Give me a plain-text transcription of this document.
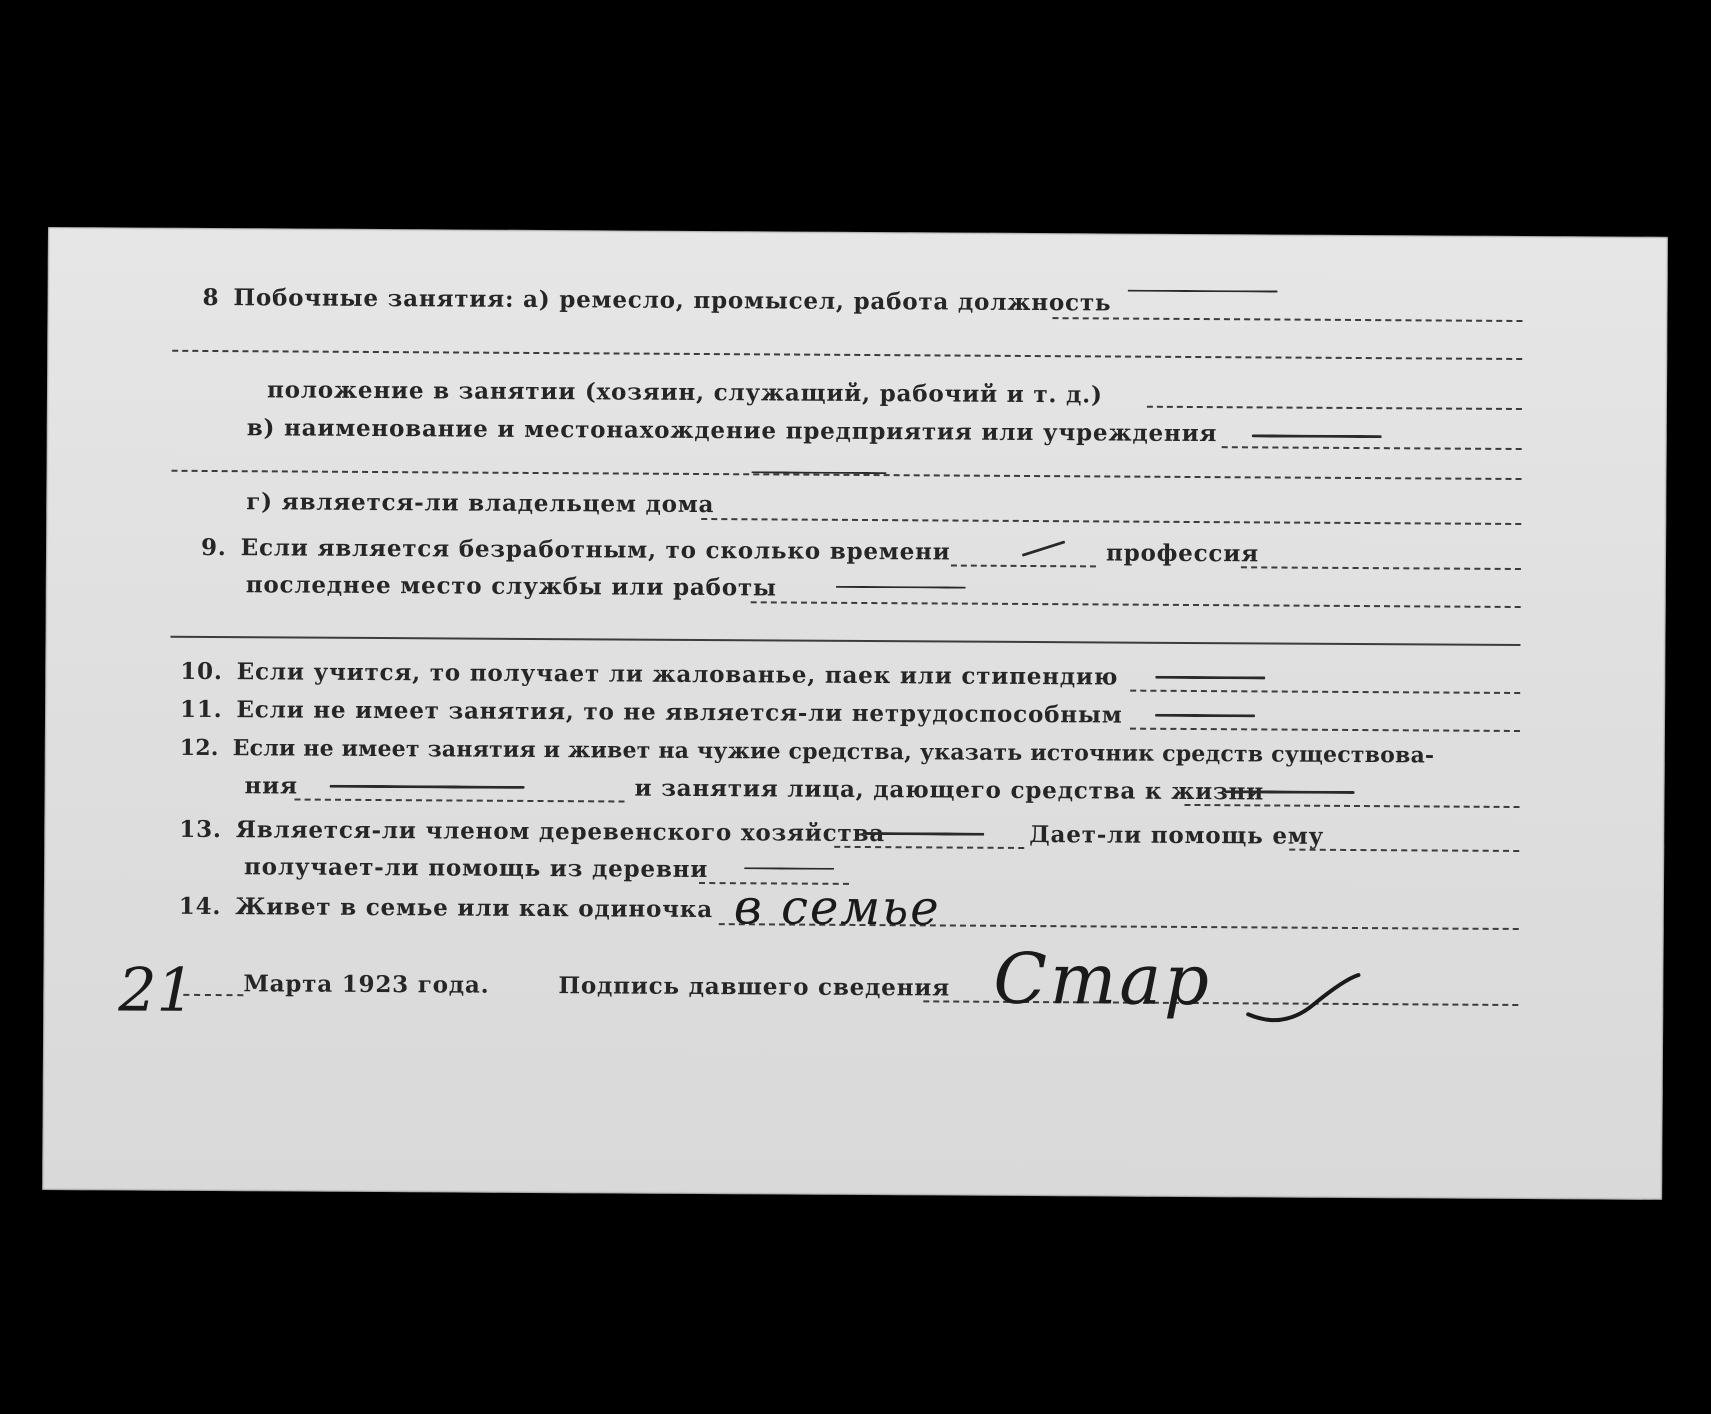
8 Побочные занятия: а) ремесло, промысел, работа должность
положение в занятии (хозяин, служащий, рабочий и т. д.)
в) наименование и местонахождение предприятия или учреждения
г) является-ли владельцем дома
9. Если является безработным, то сколько времени	профессия
последнее место службы или работы
10. Если учится, то получает ли жалованье, паек или стипендию
11. Если не имеет занятия, то не является-ли нетрудоспособным
12. Если не имеет занятия и живет на чужие средства, указать источник средств существова-
ния	и занятия лица, дающего средства к жизни
13. Является-ли членом деревенского хозяйства	Дает-ли помощь ему
получает-ли помощь из деревни
14. Живет в семье или как одиночка в семье
21 Марта 1923 года.	Подпись давшего сведения Стар
